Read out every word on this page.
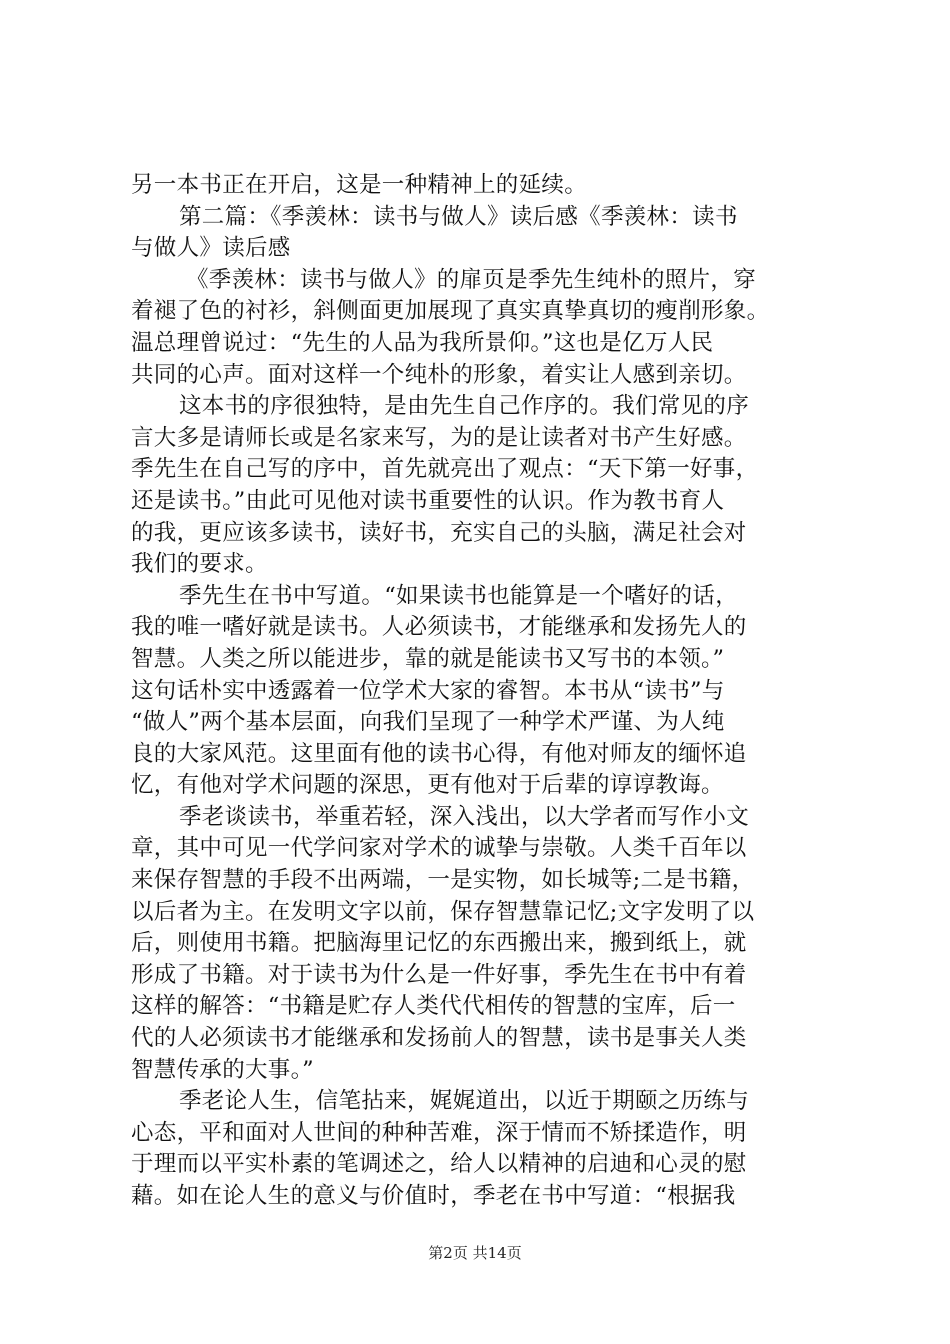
另一本书正在开启，这是一种精神上的延续。
第二篇：《季羡林：读书与做人》读后感《季羡林：读书
与做人》读后感
《季羡林：读书与做人》的扉页是季先生纯朴的照片，穿
着褪了色的衬衫，斜侧面更加展现了真实真挚真切的瘦削形象。
温总理曾说过：“先生的人品为我所景仰。”这也是亿万人民
共同的心声。面对这样一个纯朴的形象，着实让人感到亲切。
这本书的序很独特，是由先生自己作序的。我们常见的序
言大多是请师长或是名家来写，为的是让读者对书产生好感。
季先生在自己写的序中，首先就亮出了观点：“天下第一好事，
还是读书。”由此可见他对读书重要性的认识。作为教书育人
的我，更应该多读书，读好书，充实自己的头脑，满足社会对
我们的要求。
季先生在书中写道。“如果读书也能算是一个嗜好的话，
我的唯一嗜好就是读书。人必须读书，才能继承和发扬先人的
智慧。人类之所以能进步，靠的就是能读书又写书的本领。”
这句话朴实中透露着一位学术大家的睿智。本书从“读书”与
“做人”两个基本层面，向我们呈现了一种学术严谨、为人纯
良的大家风范。这里面有他的读书心得，有他对师友的缅怀追
忆，有他对学术问题的深思，更有他对于后辈的谆谆教诲。
季老谈读书，举重若轻，深入浅出，以大学者而写作小文
章，其中可见一代学问家对学术的诚挚与崇敬。人类千百年以
来保存智慧的手段不出两端，一是实物，如长城等;二是书籍，
以后者为主。在发明文字以前，保存智慧靠记忆;文字发明了以
后，则使用书籍。把脑海里记忆的东西搬出来，搬到纸上，就
形成了书籍。对于读书为什么是一件好事，季先生在书中有着
这样的解答：“书籍是贮存人类代代相传的智慧的宝库，后一
代的人必须读书才能继承和发扬前人的智慧，读书是事关人类
智慧传承的大事。”
季老论人生，信笔拈来，娓娓道出，以近于期颐之历练与
心态，平和面对人世间的种种苦难，深于情而不矫揉造作，明
于理而以平实朴素的笔调述之，给人以精神的启迪和心灵的慰
藉。如在论人生的意义与价值时，季老在书中写道：“根据我
第2页 共14页
